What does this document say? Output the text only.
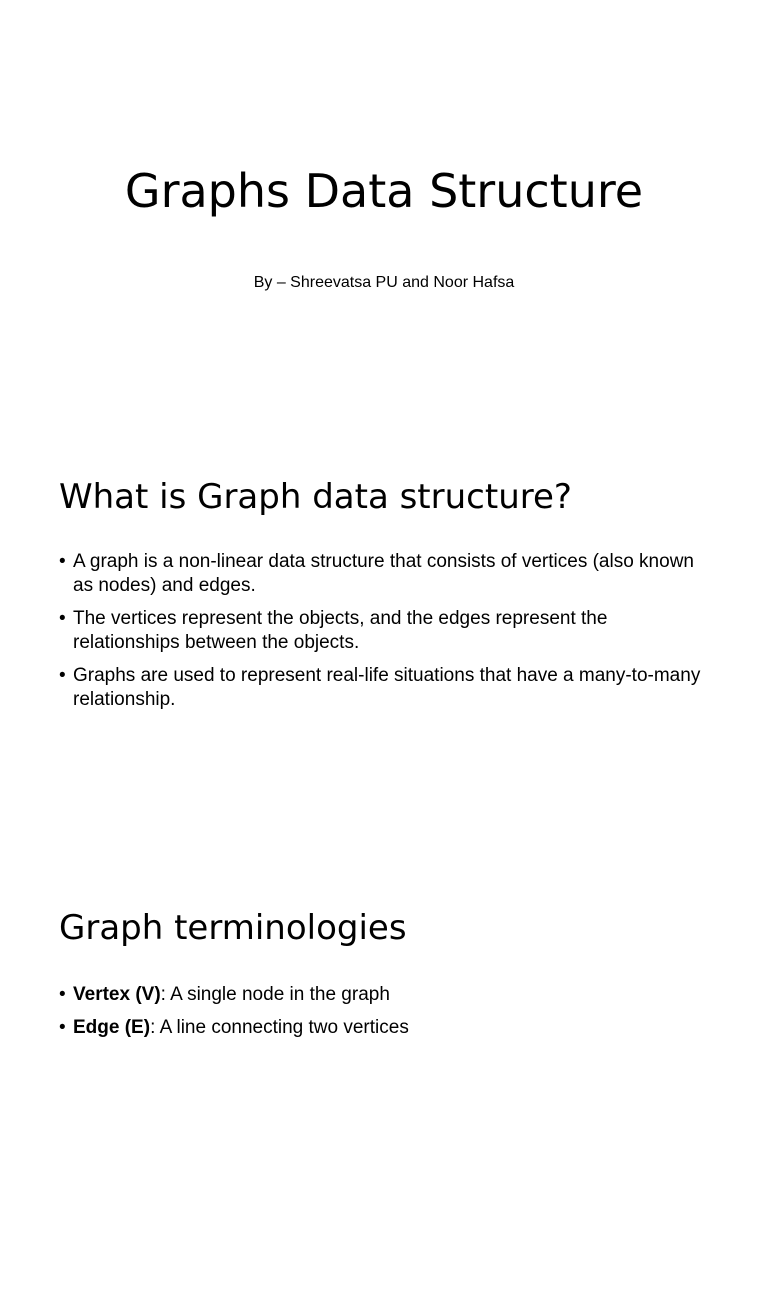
Graphs Data Structure

By – Shreevatsa PU and Noor Hafsa

What is Graph data structure?
• A graph is a non-linear data structure that consists of vertices (also known as nodes) and edges.
• The vertices represent the objects, and the edges represent the relationships between the objects.
• Graphs are used to represent real-life situations that have a many-to-many relationship.
Graph terminologies
• Vertex (V): A single node in the graph
• Edge (E): A line connecting two vertices
